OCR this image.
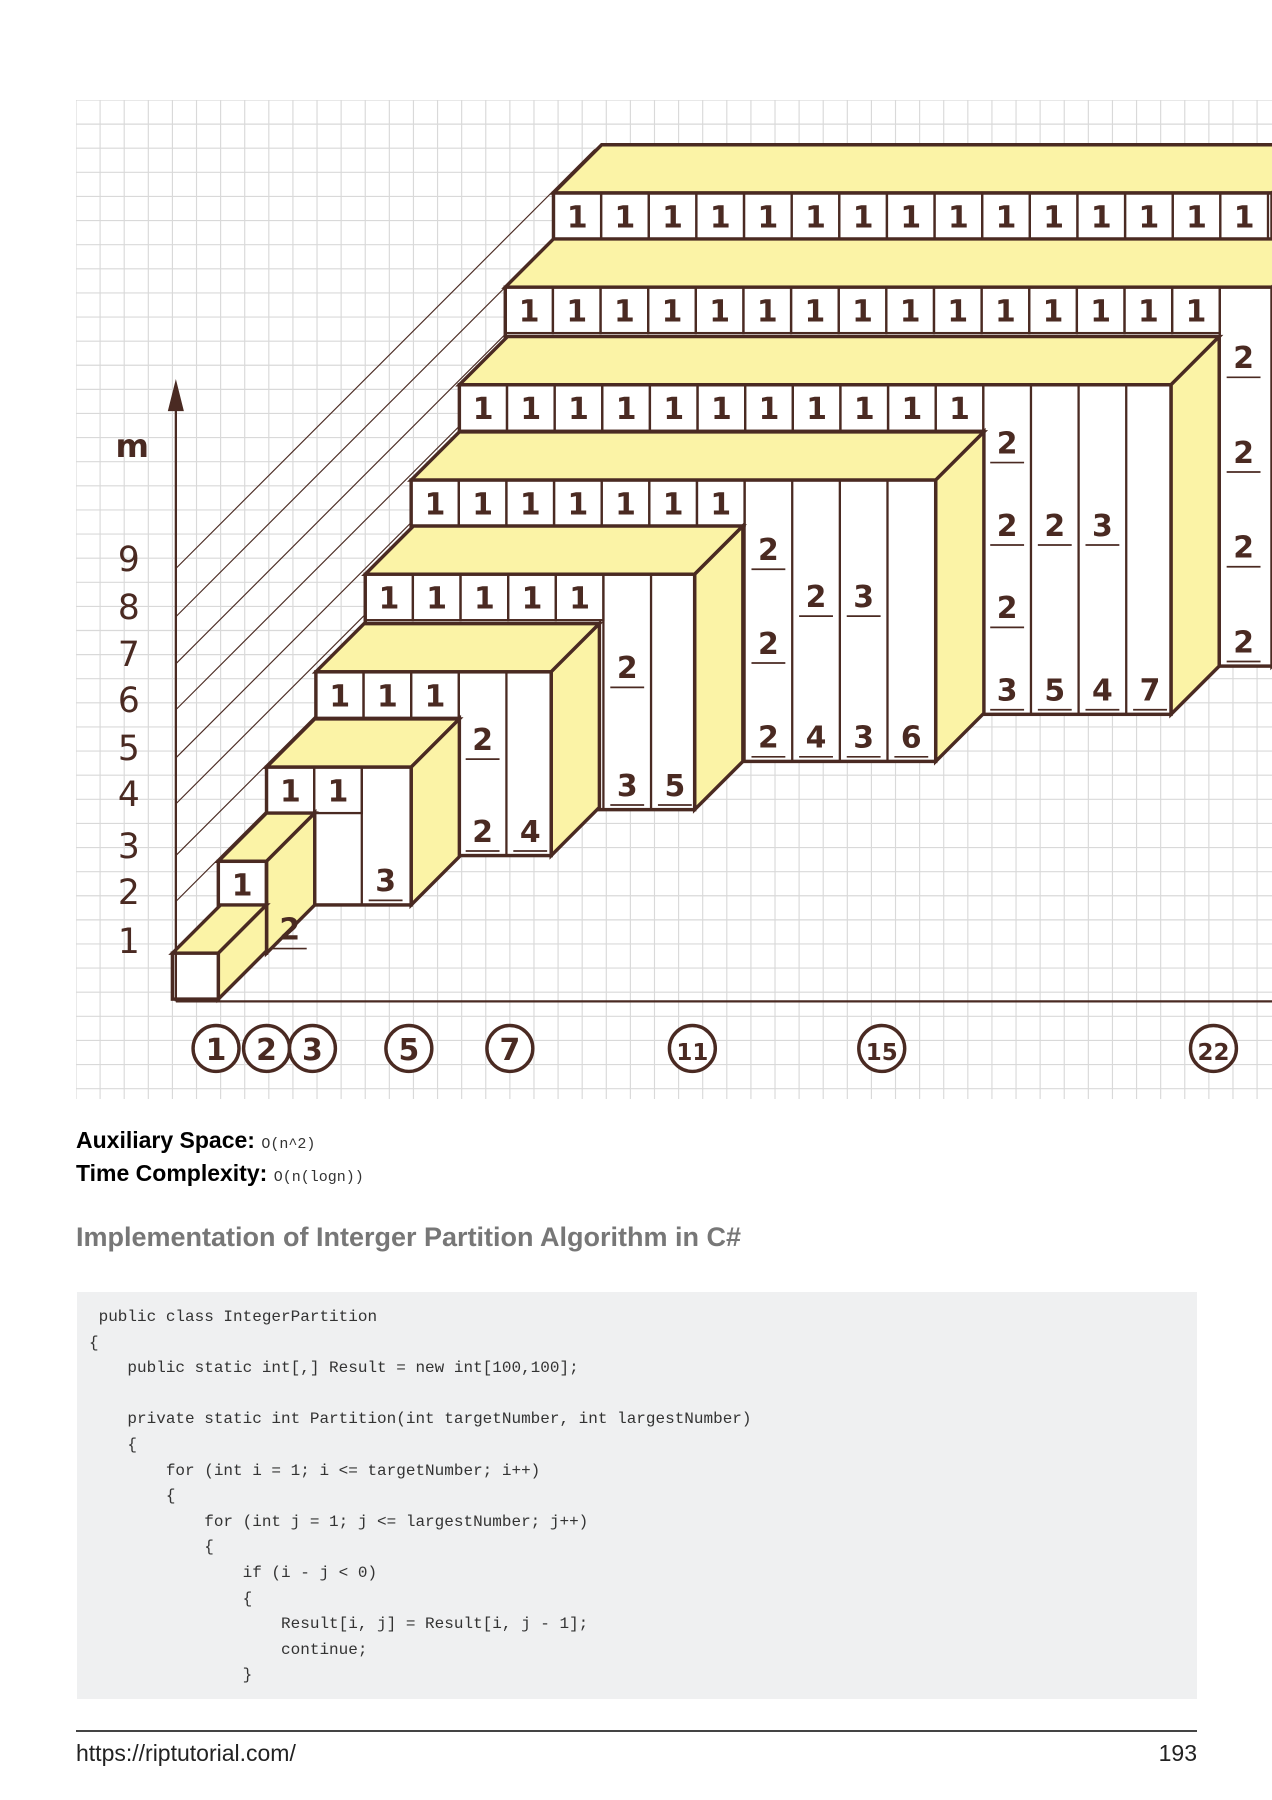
1 1 1 1 1 1 1 1 1 1 1 1 1 1 1
1 1 1 1 1 1 1 1 1 1 1 1 1 1 1
2
2
2
2
1 1 1 1 1 1 1 1 1 1 1
2
2
2
3
2
5
3
4 7
1 1 1 1 1 1 1
2
2
2
2
4
3
3 6
1 1 1 1 1
2
3 5
1 1 1
2
2 4
1 1
3
1
2
m
1
2
3
4
5
6
7
8
9
1 2 3	5	7	11	15	22
Auxiliary Space: O(n^2)
Time Complexity: O(n(logn))
Implementation of Interger Partition Algorithm in C#
public class IntegerPartition
{
public static int[,] Result = new int[100,100];

private static int Partition(int targetNumber, int largestNumber)
{
for (int i = 1; i <= targetNumber; i++)
{
for (int j = 1; j <= largestNumber; j++)
{
if (i - j < 0)
{
Result[i, j] = Result[i, j - 1];
continue;
}
https://riptutorial.com/	193
